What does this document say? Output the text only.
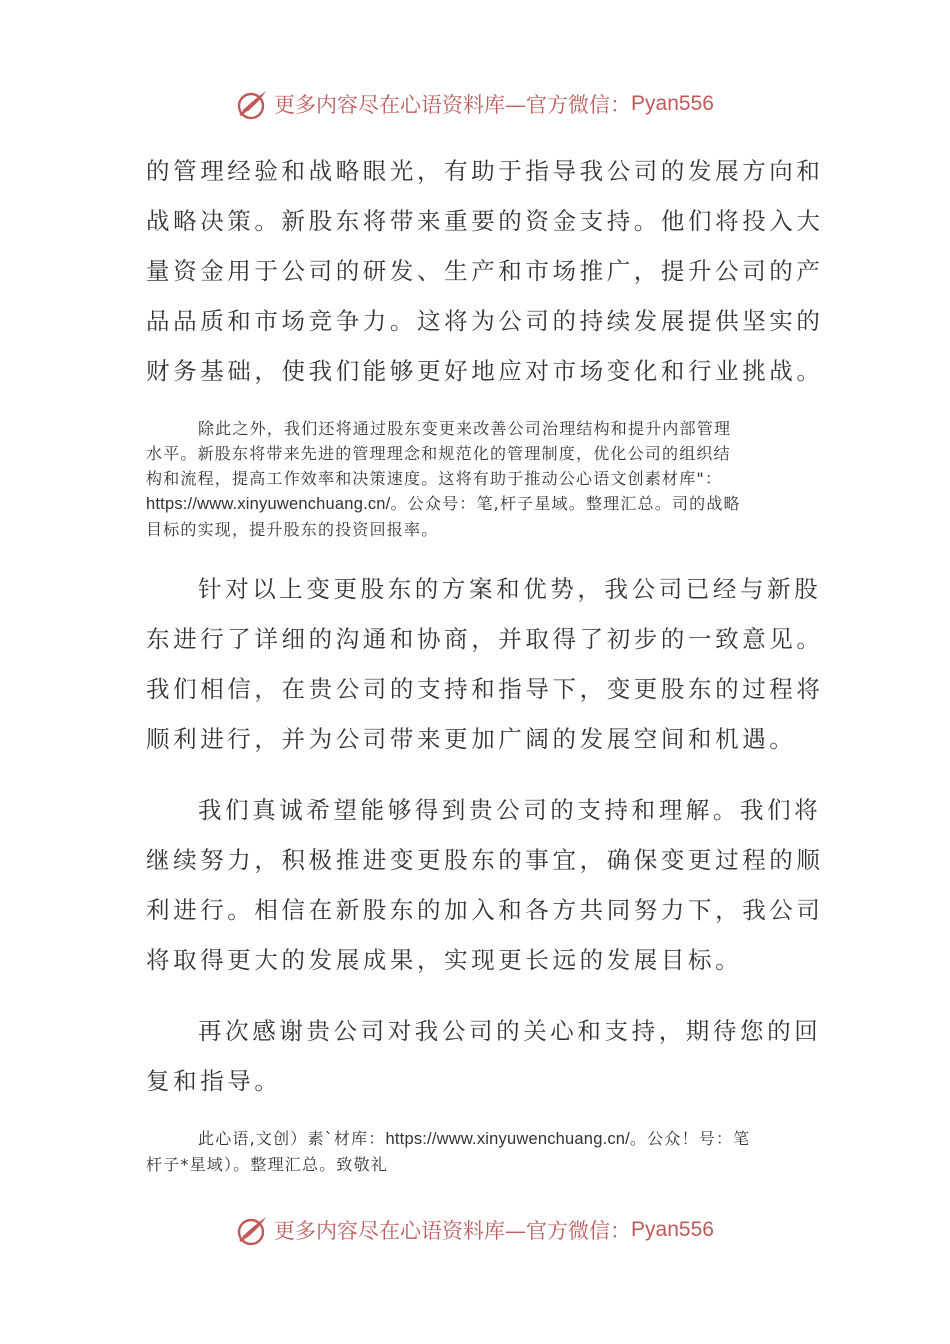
更多内容尽在心语资料库—官方微信： Pyan556
的管理经验和战略眼光，有助于指导我公司的发展方向和
战略决策。新股东将带来重要的资金支持。他们将投入大
量资金用于公司的研发、生产和市场推广，提升公司的产
品品质和市场竞争力。这将为公司的持续发展提供坚实的
财务基础，使我们能够更好地应对市场变化和行业挑战。
除此之外，我们还将通过股东变更来改善公司治理结构和提升内部管理
水平。新股东将带来先进的管理理念和规范化的管理制度，优化公司的组织结
构和流程，提高工作效率和决策速度。这将有助于推动公心语文创素材库"：
https://www.xinyuwenchuang.cn/。公众号：笔,杆子星域。整理汇总。司的战略
目标的实现，提升股东的投资回报率。
针对以上变更股东的方案和优势，我公司已经与新股
东进行了详细的沟通和协商，并取得了初步的一致意见。
我们相信，在贵公司的支持和指导下，变更股东的过程将
顺利进行，并为公司带来更加广阔的发展空间和机遇。
我们真诚希望能够得到贵公司的支持和理解。我们将
继续努力，积极推进变更股东的事宜，确保变更过程的顺
利进行。相信在新股东的加入和各方共同努力下，我公司
将取得更大的发展成果，实现更长远的发展目标。
再次感谢贵公司对我公司的关心和支持，期待您的回
复和指导。
此心语,文创）素`材库：https://www.xinyuwenchuang.cn/。公众！号：笔
杆子*星域）。整理汇总。致敬礼
更多内容尽在心语资料库—官方微信： Pyan556
